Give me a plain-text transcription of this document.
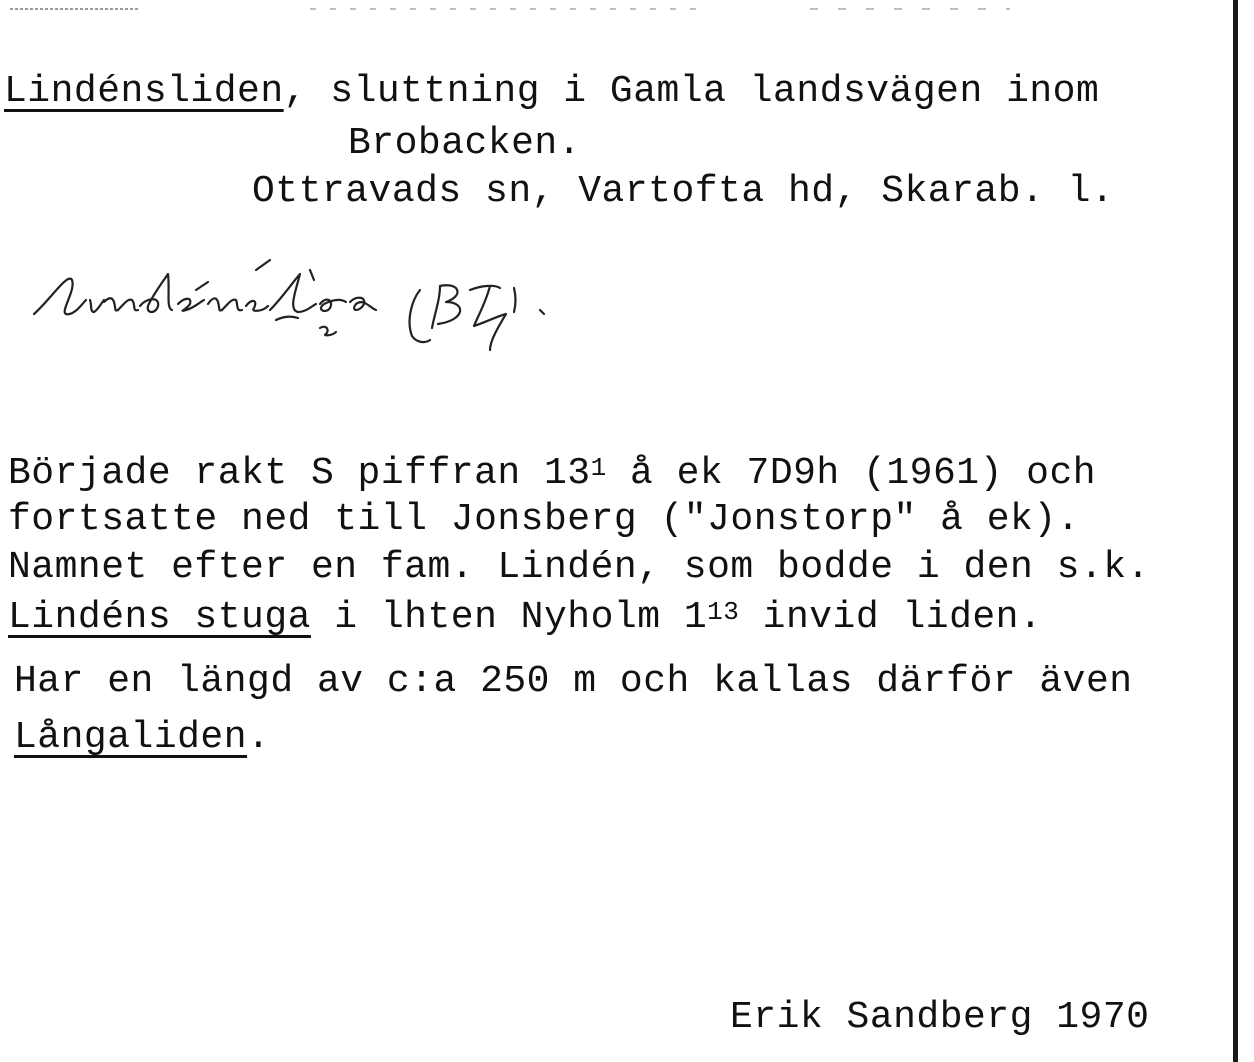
Lindénsliden, sluttning i Gamla landsvägen inom
Brobacken.
Ottravads sn, Vartofta hd, Skarab. l.
Började rakt S piffran $13^1$ å ek 7D9h (1961) och
fortsatte ned till Jonsberg ("Jonstorp" å ek).
Namnet efter en fam. Lindén, som bodde i den s.k.
Lindéns stuga i lhten Nyholm $1^{13}$ invid liden.
Har en längd av c:a 250 m och kallas därför även
Långaliden.
Erik Sandberg 1970
